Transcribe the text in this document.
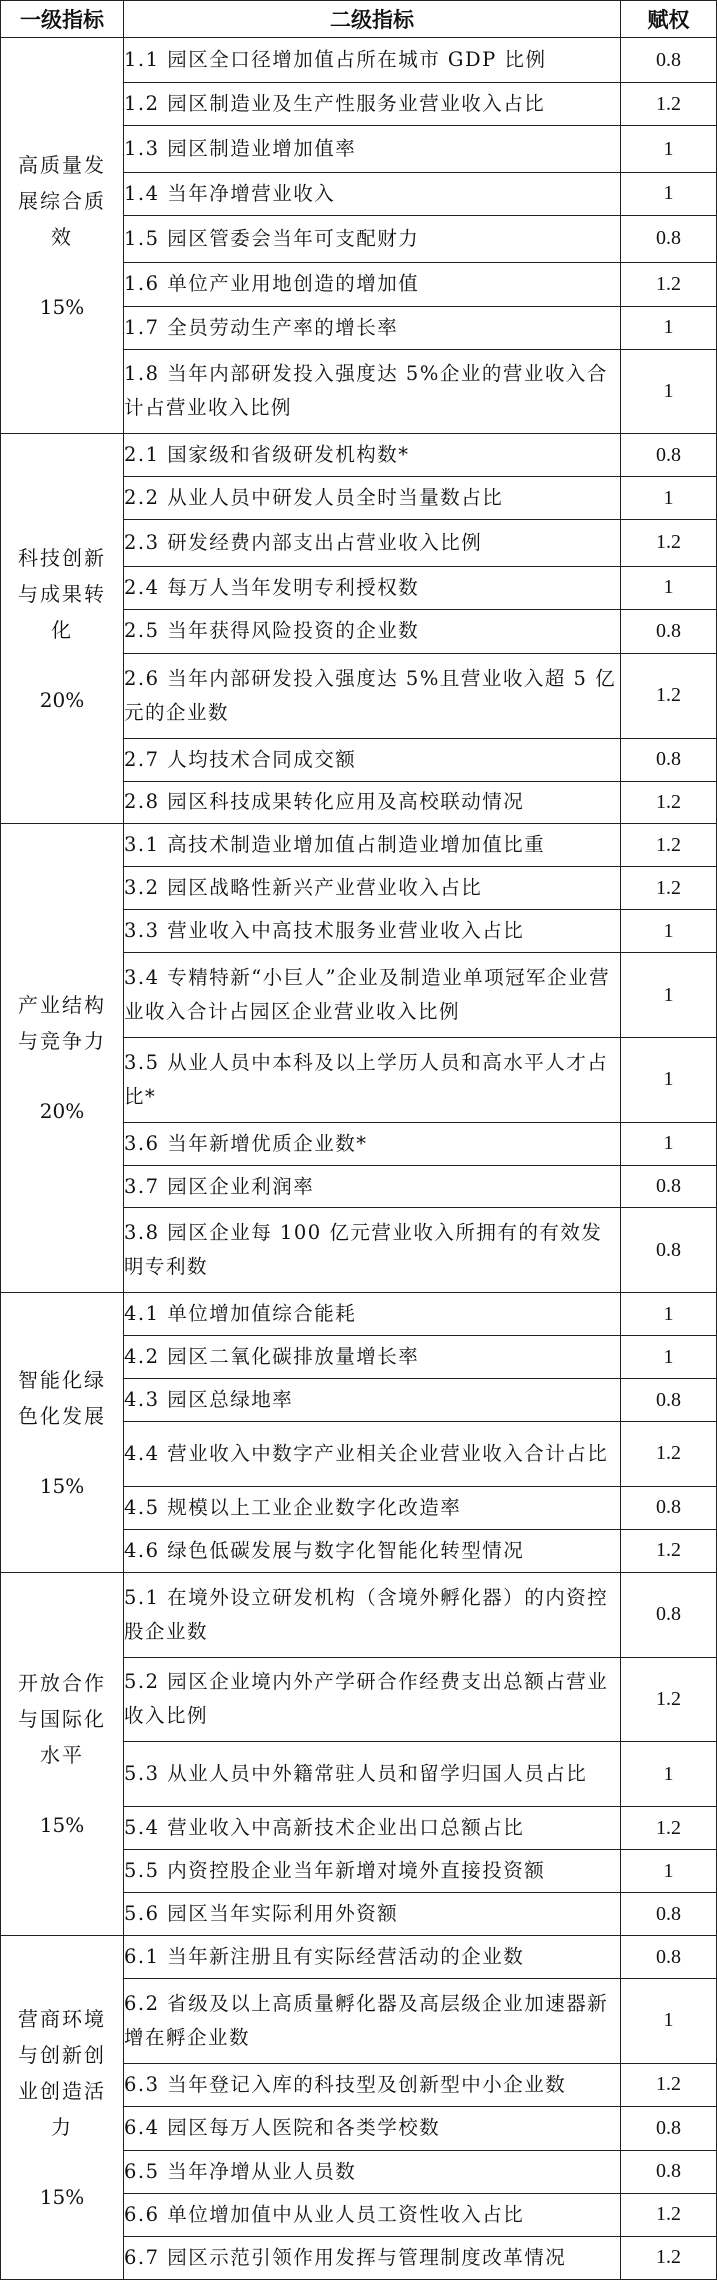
一级指标	二级指标	赋权

高质量发展综合质效
15%	1.1 园区全口径增加值占所在城市 GDP 比例	0.8
	1.2 园区制造业及生产性服务业营业收入占比	1.2
	1.3 园区制造业增加值率	1
	1.4 当年净增营业收入	1
	1.5 园区管委会当年可支配财力	0.8
	1.6 单位产业用地创造的增加值	1.2
	1.7 全员劳动生产率的增长率	1
	1.8 当年内部研发投入强度达 5%企业的营业收入合计占营业收入比例	1

科技创新与成果转化
20%	2.1 国家级和省级研发机构数*	0.8
	2.2 从业人员中研发人员全时当量数占比	1
	2.3 研发经费内部支出占营业收入比例	1.2
	2.4 每万人当年发明专利授权数	1
	2.5 当年获得风险投资的企业数	0.8
	2.6 当年内部研发投入强度达 5%且营业收入超 5 亿元的企业数	1.2
	2.7 人均技术合同成交额	0.8
	2.8 园区科技成果转化应用及高校联动情况	1.2

产业结构与竞争力
20%	3.1 高技术制造业增加值占制造业增加值比重	1.2
	3.2 园区战略性新兴产业营业收入占比	1.2
	3.3 营业收入中高技术服务业营业收入占比	1
	3.4 专精特新“小巨人”企业及制造业单项冠军企业营业收入合计占园区企业营业收入比例	1
	3.5 从业人员中本科及以上学历人员和高水平人才占比*	1
	3.6 当年新增优质企业数*	1
	3.7 园区企业利润率	0.8
	3.8 园区企业每 100 亿元营业收入所拥有的有效发明专利数	0.8

智能化绿色化发展
15%	4.1 单位增加值综合能耗	1
	4.2 园区二氧化碳排放量增长率	1
	4.3 园区总绿地率	0.8
	4.4 营业收入中数字产业相关企业营业收入合计占比	1.2
	4.5 规模以上工业企业数字化改造率	0.8
	4.6 绿色低碳发展与数字化智能化转型情况	1.2

开放合作与国际化水平
15%	5.1 在境外设立研发机构（含境外孵化器）的内资控股企业数	0.8
	5.2 园区企业境内外产学研合作经费支出总额占营业收入比例	1.2
	5.3 从业人员中外籍常驻人员和留学归国人员占比	1
	5.4 营业收入中高新技术企业出口总额占比	1.2
	5.5 内资控股企业当年新增对境外直接投资额	1
	5.6 园区当年实际利用外资额	0.8

营商环境与创新创业创造活力
15%	6.1 当年新注册且有实际经营活动的企业数	0.8
	6.2 省级及以上高质量孵化器及高层级企业加速器新增在孵企业数	1
	6.3 当年登记入库的科技型及创新型中小企业数	1.2
	6.4 园区每万人医院和各类学校数	0.8
	6.5 当年净增从业人员数	0.8
	6.6 单位增加值中从业人员工资性收入占比	1.2
	6.7 园区示范引领作用发挥与管理制度改革情况	1.2
